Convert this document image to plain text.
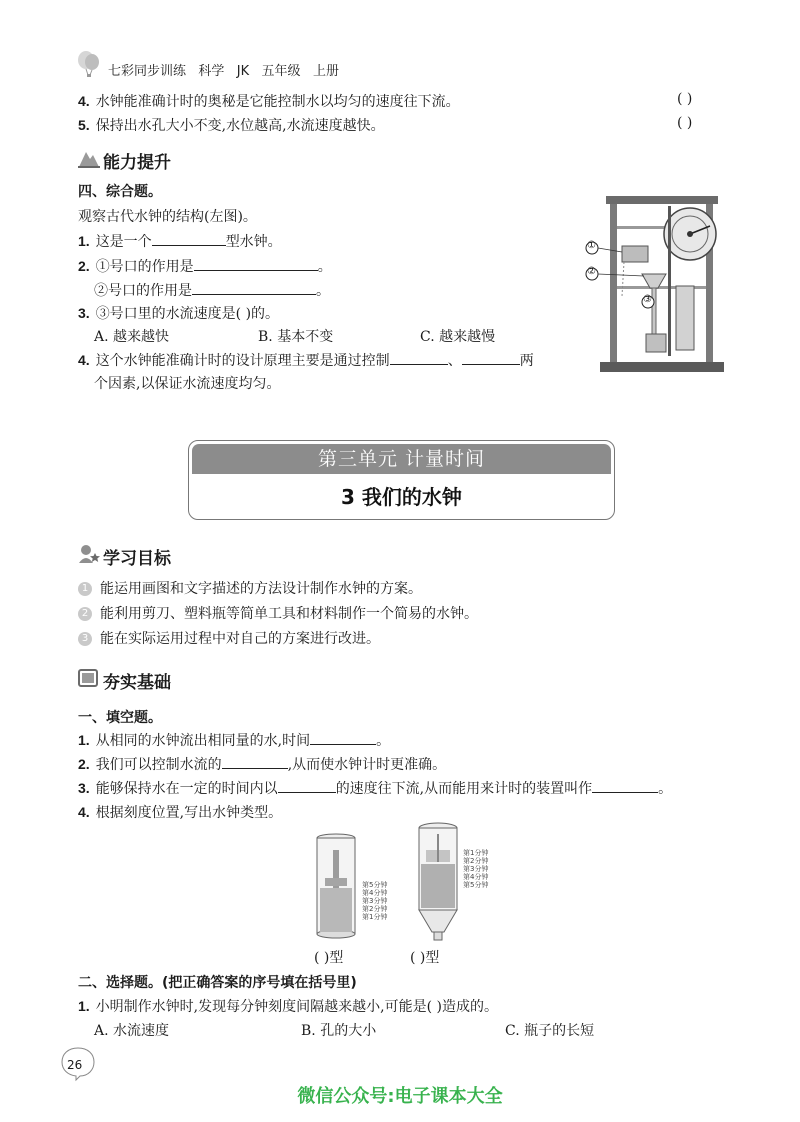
七彩同步训练   科学   JK   五年级   上册
4. 水钟能准确计时的奥秘是它能控制水以均匀的速度往下流。	( )
5. 保持出水孔大小不变,水位越高,水流速度越快。	( )
能力提升
四、综合题。
观察古代水钟的结构(左图)。
1. 这是一个	型水钟。
2. ①号口的作用是	。
②号口的作用是	。
3. ③号口里的水流速度是( )的。
A. 越来越快	B. 基本不变	C. 越来越慢
4. 这个水钟能准确计时的设计原理主要是通过控制	、	两
个因素,以保证水流速度均匀。
①
②
③
第三单元 计量时间
3 我们的水钟
学习目标
1 能运用画图和文字描述的方法设计制作水钟的方案。
2 能利用剪刀、塑料瓶等简单工具和材料制作一个简易的水钟。
3 能在实际运用过程中对自己的方案进行改进。
夯实基础
一、填空题。
1. 从相同的水钟流出相同量的水,时间	。
2. 我们可以控制水流的	,从而使水钟计时更准确。
3. 能够保持水在一定的时间内以	的速度往下流,从而能用来计时的装置叫作	。
4. 根据刻度位置,写出水钟类型。
第5分钟
第4分钟
第3分钟
第2分钟
第1分钟
第1分钟
第2分钟
第3分钟
第4分钟
第5分钟
( )型	( )型
二、选择题。(把正确答案的序号填在括号里)
1. 小明制作水钟时,发现每分钟刻度间隔越来越小,可能是( )造成的。
A. 水流速度	B. 孔的大小	C. 瓶子的长短
26
微信公众号:电子课本大全
